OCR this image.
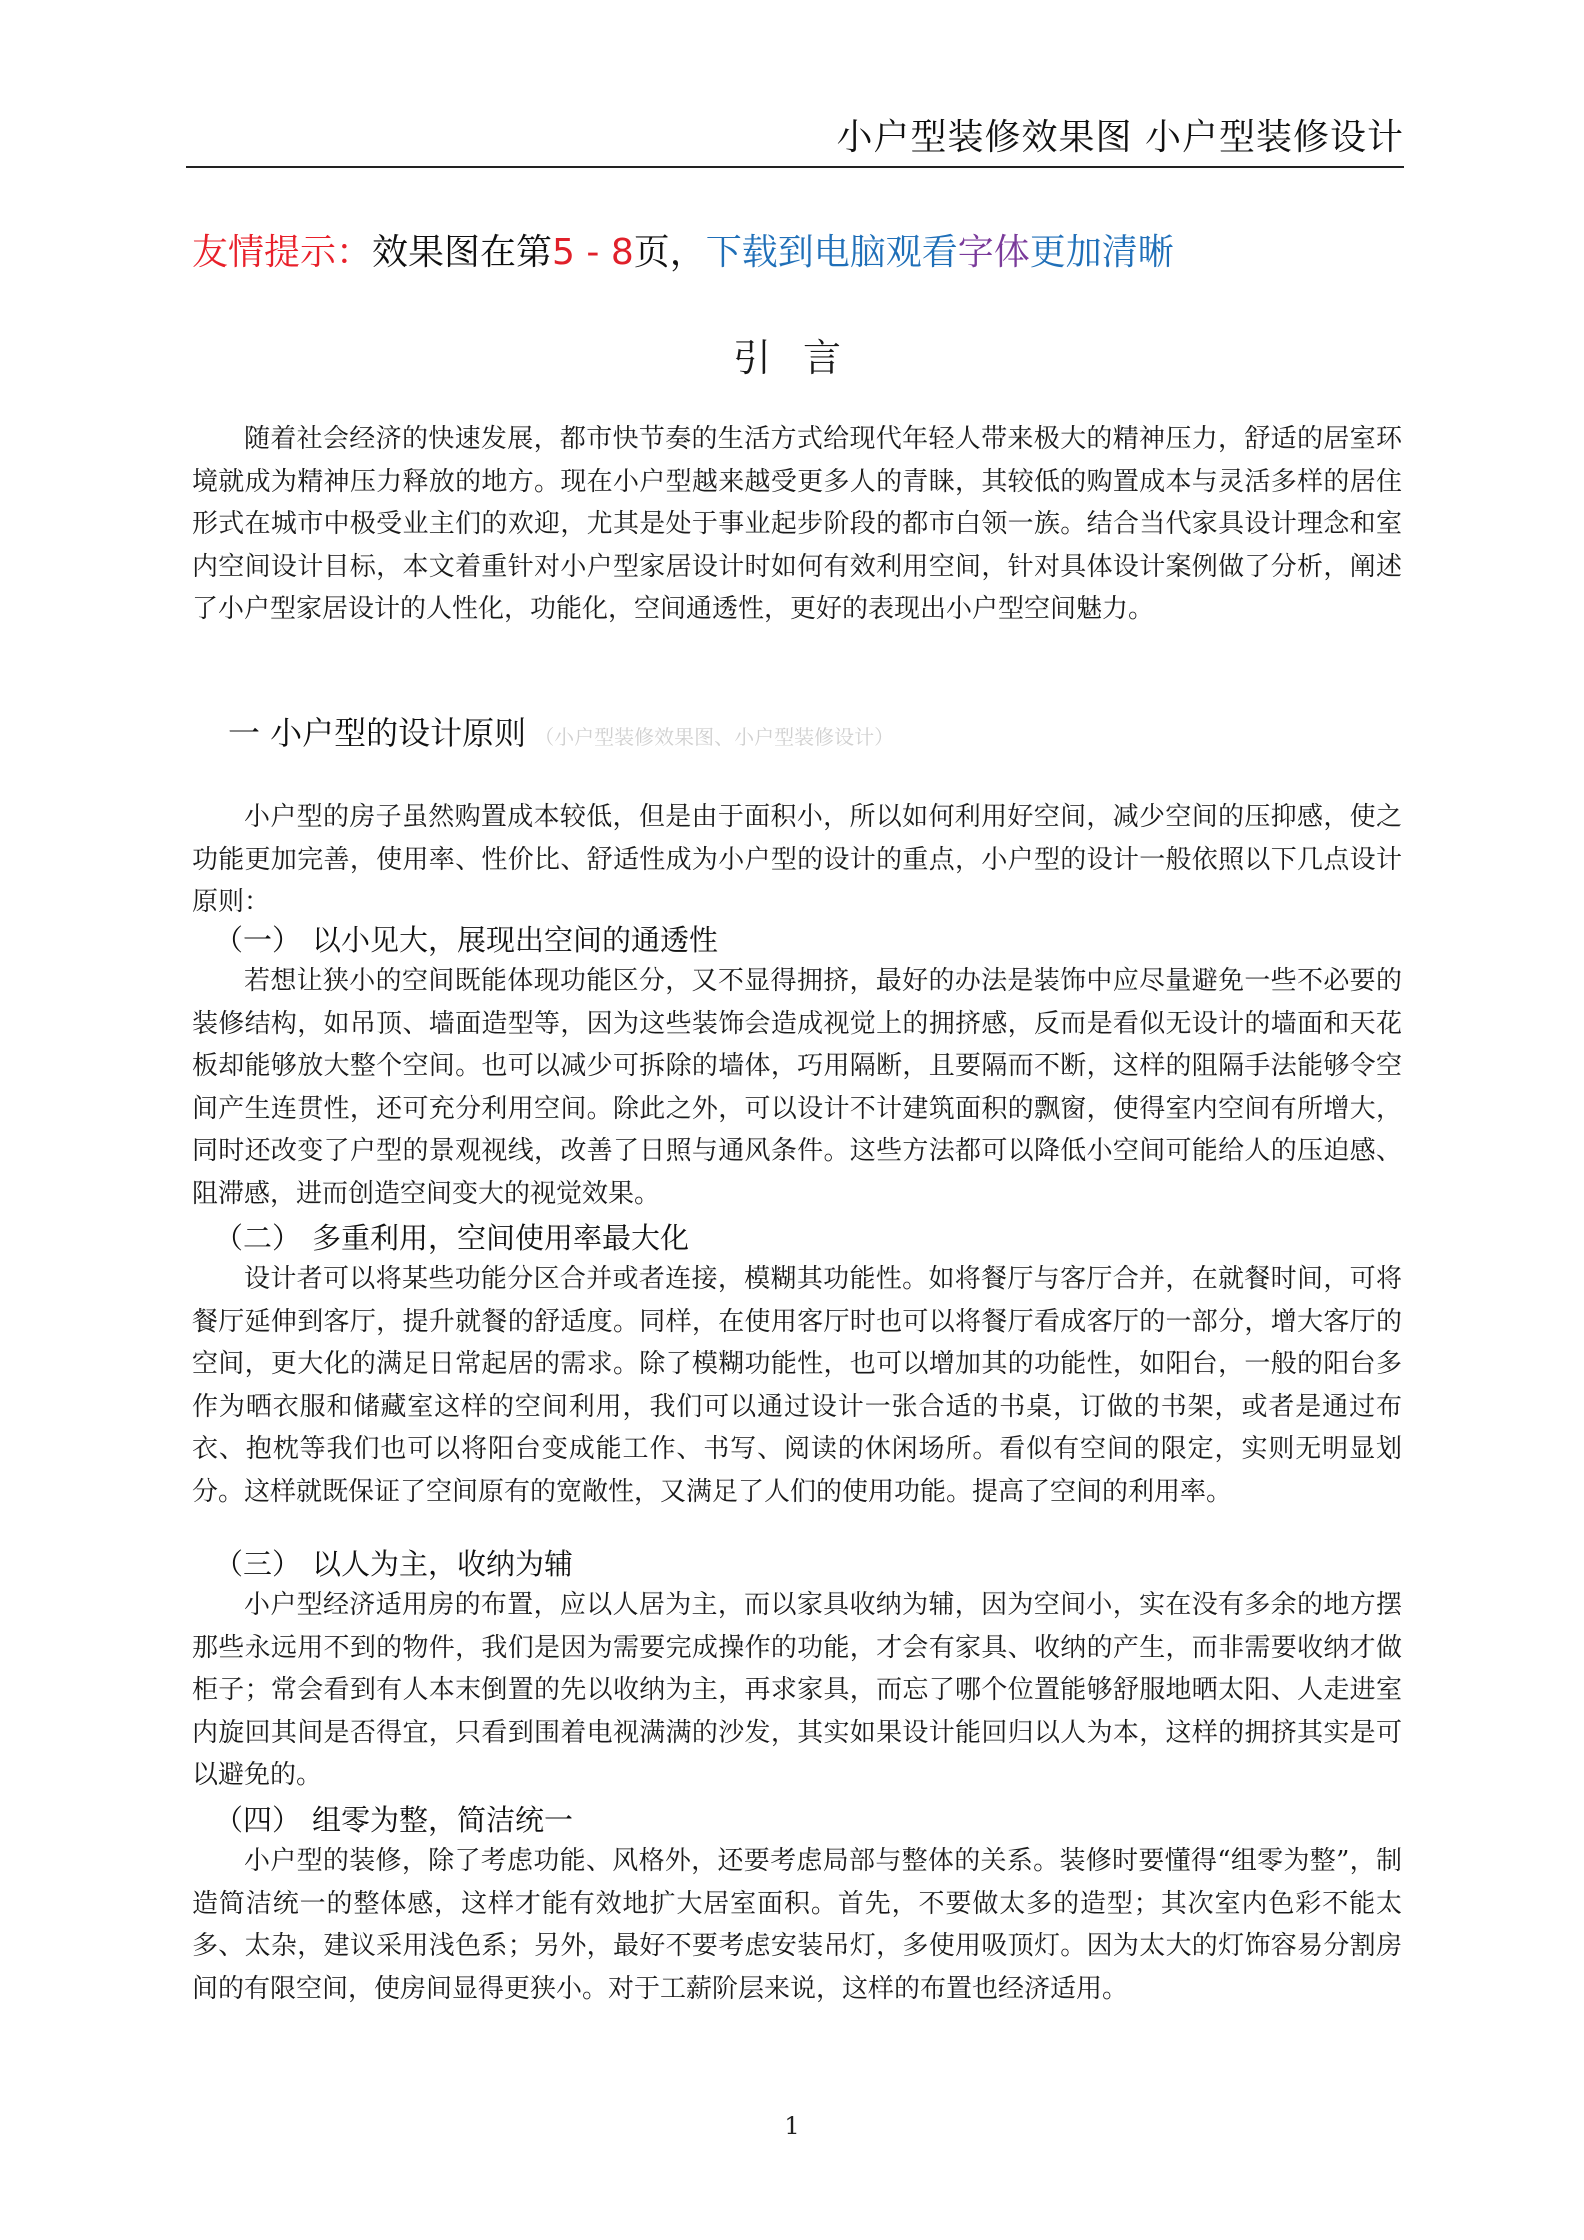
小户型装修效果图 小户型装修设计
友情提示：效果图在第5 - 8页，下载到电脑观看字体更加清晰
引 言
随着社会经济的快速发展，都市快节奏的生活方式给现代年轻人带来极大的精神压力，舒适的居室环境就成为精神压力释放的地方。现在小户型越来越受更多人的青睐，其较低的购置成本与灵活多样的居住形式在城市中极受业主们的欢迎，尤其是处于事业起步阶段的都市白领一族。结合当代家具设计理念和室内空间设计目标，本文着重针对小户型家居设计时如何有效利用空间，针对具体设计案例做了分析，阐述了小户型家居设计的人性化，功能化，空间通透性，更好的表现出小户型空间魅力。
一 小户型的设计原则 （小户型装修效果图、小户型装修设计）
小户型的房子虽然购置成本较低，但是由于面积小，所以如何利用好空间，减少空间的压抑感，使之功能更加完善，使用率、性价比、舒适性成为小户型的设计的重点，小户型的设计一般依照以下几点设计原则：
（一） 以小见大，展现出空间的通透性
若想让狭小的空间既能体现功能区分，又不显得拥挤，最好的办法是装饰中应尽量避免一些不必要的装修结构，如吊顶、墙面造型等，因为这些装饰会造成视觉上的拥挤感，反而是看似无设计的墙面和天花板却能够放大整个空间。也可以减少可拆除的墙体，巧用隔断，且要隔而不断，这样的阻隔手法能够令空间产生连贯性，还可充分利用空间。除此之外，可以设计不计建筑面积的飘窗，使得室内空间有所增大，同时还改变了户型的景观视线，改善了日照与通风条件。这些方法都可以降低小空间可能给人的压迫感、阻滞感，进而创造空间变大的视觉效果。
（二） 多重利用，空间使用率最大化
设计者可以将某些功能分区合并或者连接，模糊其功能性。如将餐厅与客厅合并，在就餐时间，可将餐厅延伸到客厅，提升就餐的舒适度。同样，在使用客厅时也可以将餐厅看成客厅的一部分，增大客厅的空间，更大化的满足日常起居的需求。除了模糊功能性，也可以增加其的功能性，如阳台，一般的阳台多作为晒衣服和储藏室这样的空间利用，我们可以通过设计一张合适的书桌，订做的书架，或者是通过布衣、抱枕等我们也可以将阳台变成能工作、书写、阅读的休闲场所。看似有空间的限定，实则无明显划分。这样就既保证了空间原有的宽敞性，又满足了人们的使用功能。提高了空间的利用率。
（三） 以人为主，收纳为辅
小户型经济适用房的布置，应以人居为主，而以家具收纳为辅，因为空间小，实在没有多余的地方摆那些永远用不到的物件，我们是因为需要完成操作的功能，才会有家具、收纳的产生，而非需要收纳才做柜子；常会看到有人本末倒置的先以收纳为主，再求家具，而忘了哪个位置能够舒服地晒太阳、人走进室内旋回其间是否得宜，只看到围着电视满满的沙发，其实如果设计能回归以人为本，这样的拥挤其实是可以避免的。
（四） 组零为整，简洁统一
小户型的装修，除了考虑功能、风格外，还要考虑局部与整体的关系。装修时要懂得“组零为整”，制造简洁统一的整体感，这样才能有效地扩大居室面积。首先，不要做太多的造型；其次室内色彩不能太多、太杂，建议采用浅色系；另外，最好不要考虑安装吊灯，多使用吸顶灯。因为太大的灯饰容易分割房间的有限空间，使房间显得更狭小。对于工薪阶层来说，这样的布置也经济适用。
1
